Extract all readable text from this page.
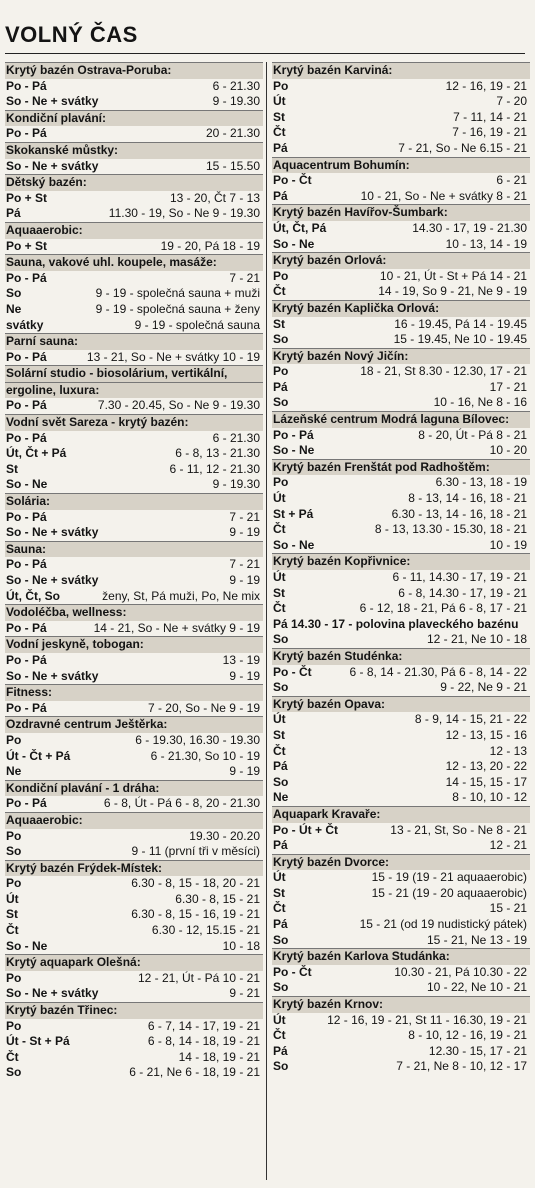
VOLNÝ ČAS
Krytý bazén Ostrava-Poruba:
Po - Pá	6 - 21.30
So - Ne + svátky	9 - 19.30
Kondiční plavání:
Po - Pá	20 - 21.30
Skokanské můstky:
So - Ne + svátky	15 - 15.50
Dětský bazén:
Po + St	13 - 20, Čt 7 - 13
Pá	11.30 - 19, So - Ne 9 - 19.30
Aquaaerobic:
Po + St	19 - 20, Pá 18 - 19
Sauna, vakové uhl. koupele, masáže:
Po - Pá	7 - 21
So	9 - 19 - společná sauna + muži
Ne	9 - 19 - společná sauna + ženy
svátky	9 - 19 - společná sauna
Parní sauna:
Po - Pá	13 - 21, So - Ne + svátky 10 - 19
Solární studio - biosolárium, vertikální,
ergoline, luxura:
Po - Pá	7.30 - 20.45, So - Ne 9 - 19.30
Vodní svět Sareza - krytý bazén:
Po - Pá	6 - 21.30
Út, Čt + Pá	6 - 8, 13 - 21.30
St	6 - 11, 12 - 21.30
So - Ne	9 - 19.30
Solária:
Po - Pá	7 - 21
So - Ne + svátky	9 - 19
Sauna:
Po - Pá	7 - 21
So - Ne + svátky	9 - 19
Út, Čt, So	ženy, St, Pá muži, Po, Ne mix
Vodoléčba, wellness:
Po - Pá	14 - 21, So - Ne + svátky 9 - 19
Vodní jeskyně, tobogan:
Po - Pá	13 - 19
So - Ne + svátky	9 - 19
Fitness:
Po - Pá	7 - 20, So - Ne 9 - 19
Ozdravné centrum Ještěrka:
Po	6 - 19.30, 16.30 - 19.30
Út - Čt + Pá	6 - 21.30, So 10 - 19
Ne	9 - 19
Kondiční plavání - 1 dráha:
Po - Pá	6 - 8, Út - Pá 6 - 8, 20 - 21.30
Aquaaerobic:
Po	19.30 - 20.20
So	9 - 11 (první tři v měsíci)
Krytý bazén Frýdek-Místek:
Po	6.30 - 8, 15 - 18, 20 - 21
Út	6.30 - 8, 15 - 21
St	6.30 - 8, 15 - 16, 19 - 21
Čt	6.30 - 12, 15.15 - 21
So - Ne	10 - 18
Krytý aquapark Olešná:
Po	12 - 21, Út - Pá 10 - 21
So - Ne + svátky	9 - 21
Krytý bazén Třinec:
Po	6 - 7, 14 - 17, 19 - 21
Út - St + Pá	6 - 8, 14 - 18, 19 - 21
Čt	14 - 18, 19 - 21
So	6 - 21, Ne 6 - 18, 19 - 21
Krytý bazén Karviná:
Po	12 - 16, 19 - 21
Út	7 - 20
St	7 - 11, 14 - 21
Čt	7 - 16, 19 - 21
Pá	7 - 21, So - Ne 6.15 - 21
Aquacentrum Bohumín:
Po - Čt	6 - 21
Pá	10 - 21, So - Ne + svátky 8 - 21
Krytý bazén Havířov-Šumbark:
Út, Čt, Pá	14.30 - 17, 19 - 21.30
So - Ne	10 - 13, 14 - 19
Krytý bazén Orlová:
Po	10 - 21, Út - St + Pá 14 - 21
Čt	14 - 19, So 9 - 21, Ne 9 - 19
Krytý bazén Kaplička Orlová:
St	16 - 19.45, Pá 14 - 19.45
So	15 - 19.45, Ne 10 - 19.45
Krytý bazén Nový Jičín:
Po	18 - 21, St 8.30 - 12.30, 17 - 21
Pá	17 - 21
So	10 - 16, Ne 8 - 16
Lázeňské centrum Modrá laguna Bílovec:
Po - Pá	8 - 20, Út - Pá 8 - 21
So - Ne	10 - 20
Krytý bazén Frenštát pod Radhoštěm:
Po	6.30 - 13, 18 - 19
Út	8 - 13, 14 - 16, 18 - 21
St + Pá	6.30 - 13, 14 - 16, 18 - 21
Čt	8 - 13, 13.30 - 15.30, 18 - 21
So - Ne	10 - 19
Krytý bazén Kopřivnice:
Út	6 - 11, 14.30 - 17, 19 - 21
St	6 - 8, 14.30 - 17, 19 - 21
Čt	6 - 12, 18 - 21, Pá 6 - 8, 17 - 21
Pá 14.30 - 17 - polovina plaveckého bazénu
So	12 - 21, Ne 10 - 18
Krytý bazén Studénka:
Po - Čt	6 - 8, 14 - 21.30, Pá 6 - 8, 14 - 22
So	9 - 22, Ne 9 - 21
Krytý bazén Opava:
Út	8 - 9, 14 - 15, 21 - 22
St	12 - 13, 15 - 16
Čt	12 - 13
Pá	12 - 13, 20 - 22
So	14 - 15, 15 - 17
Ne	8 - 10, 10 - 12
Aquapark Kravaře:
Po - Út + Čt	13 - 21, St, So - Ne 8 - 21
Pá	12 - 21
Krytý bazén Dvorce:
Út	15 - 19 (19 - 21 aquaaerobic)
St	15 - 21 (19 - 20 aquaaerobic)
Čt	15 - 21
Pá	15 - 21 (od 19 nudistický pátek)
So	15 - 21, Ne 13 - 19
Krytý bazén Karlova Studánka:
Po - Čt	10.30 - 21, Pá 10.30 - 22
So	10 - 22, Ne 10 - 21
Krytý bazén Krnov:
Út	12 - 16, 19 - 21, St 11 - 16.30, 19 - 21
Čt	8 - 10, 12 - 16, 19 - 21
Pá	12.30 - 15, 17 - 21
So	7 - 21, Ne 8 - 10, 12 - 17
